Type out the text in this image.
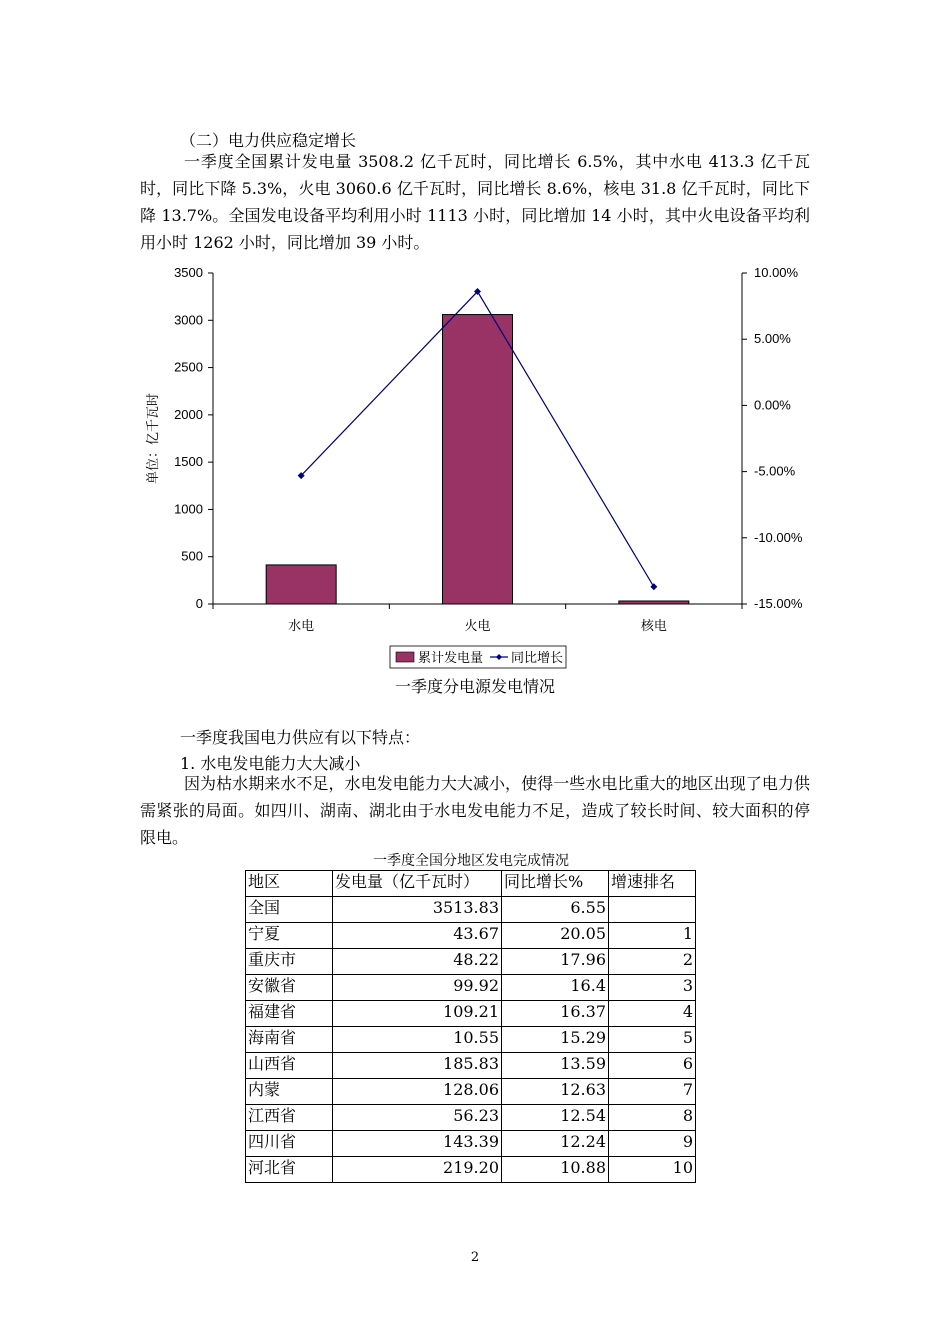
（二）电力供应稳定增长
一季度全国累计发电量 3508.2 亿千瓦时，同比增长 6.5%，其中水电 413.3 亿千瓦时，同比下降 5.3%，火电 3060.6 亿千瓦时，同比增长 8.6%，核电 31.8 亿千瓦时，同比下降 13.7%。全国发电设备平均利用小时 1113 小时，同比增加 14 小时，其中火电设备平均利用小时 1262 小时，同比增加 39 小时。
0
500
1000
1500
2000
2500
3000
3500
-15.00%
-10.00%
-5.00%
0.00%
5.00%
10.00%
水电	火电	核电
单位：亿千瓦时
累计发电量 同比增长
一季度分电源发电情况
一季度我国电力供应有以下特点：
1. 水电发电能力大大减小
因为枯水期来水不足，水电发电能力大大减小，使得一些水电比重大的地区出现了电力供需紧张的局面。如四川、湖南、湖北由于水电发电能力不足，造成了较长时间、较大面积的停限电。
一季度全国分地区发电完成情况
地区	发电量（亿千瓦时）	同比增长%	增速排名
全国	3513.83	6.55	
宁夏	43.67	20.05	1
重庆市	48.22	17.96	2
安徽省	99.92	16.4	3
福建省	109.21	16.37	4
海南省	10.55	15.29	5
山西省	185.83	13.59	6
内蒙	128.06	12.63	7
江西省	56.23	12.54	8
四川省	143.39	12.24	9
河北省	219.20	10.88	10
2
